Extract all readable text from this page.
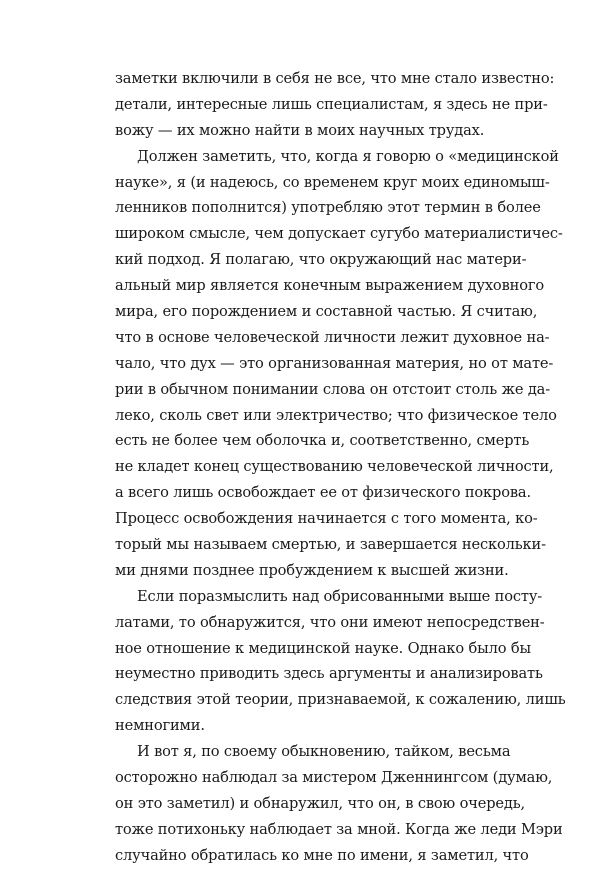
заметки включили в себя не все, что мне стало известно:
детали, интересные лишь специалистам, я здесь не при-
вожу — их можно найти в моих научных трудах.
Должен заметить, что, когда я говорю о «медицинской
науке», я (и надеюсь, со временем круг моих единомыш-
ленников пополнится) употребляю этот термин в более
широком смысле, чем допускает сугубо материалистичес-
кий подход. Я полагаю, что окружающий нас матери-
альный мир является конечным выражением духовного
мира, его порождением и составной частью. Я считаю,
что в основе человеческой личности лежит духовное на-
чало, что дух — это организованная материя, но от мате-
рии в обычном понимании слова он отстоит столь же да-
леко, сколь свет или электричество; что физическое тело
есть не более чем оболочка и, соответственно, смерть
не кладет конец существованию человеческой личности,
а всего лишь освобождает ее от физического покрова.
Процесс освобождения начинается с того момента, ко-
торый мы называем смертью, и завершается нескольки-
ми днями позднее пробуждением к высшей жизни.
Если поразмыслить над обрисованными выше посту-
латами, то обнаружится, что они имеют непосредствен-
ное отношение к медицинской науке. Однако было бы
неуместно приводить здесь аргументы и анализировать
следствия этой теории, признаваемой, к сожалению, лишь
немногими.
И вот я, по своему обыкновению, тайком, весьма
осторожно наблюдал за мистером Дженнингсом (думаю,
он это заметил) и обнаружил, что он, в свою очередь,
тоже потихоньку наблюдает за мной. Когда же леди Мэри
случайно обратилась ко мне по имени, я заметил, что
